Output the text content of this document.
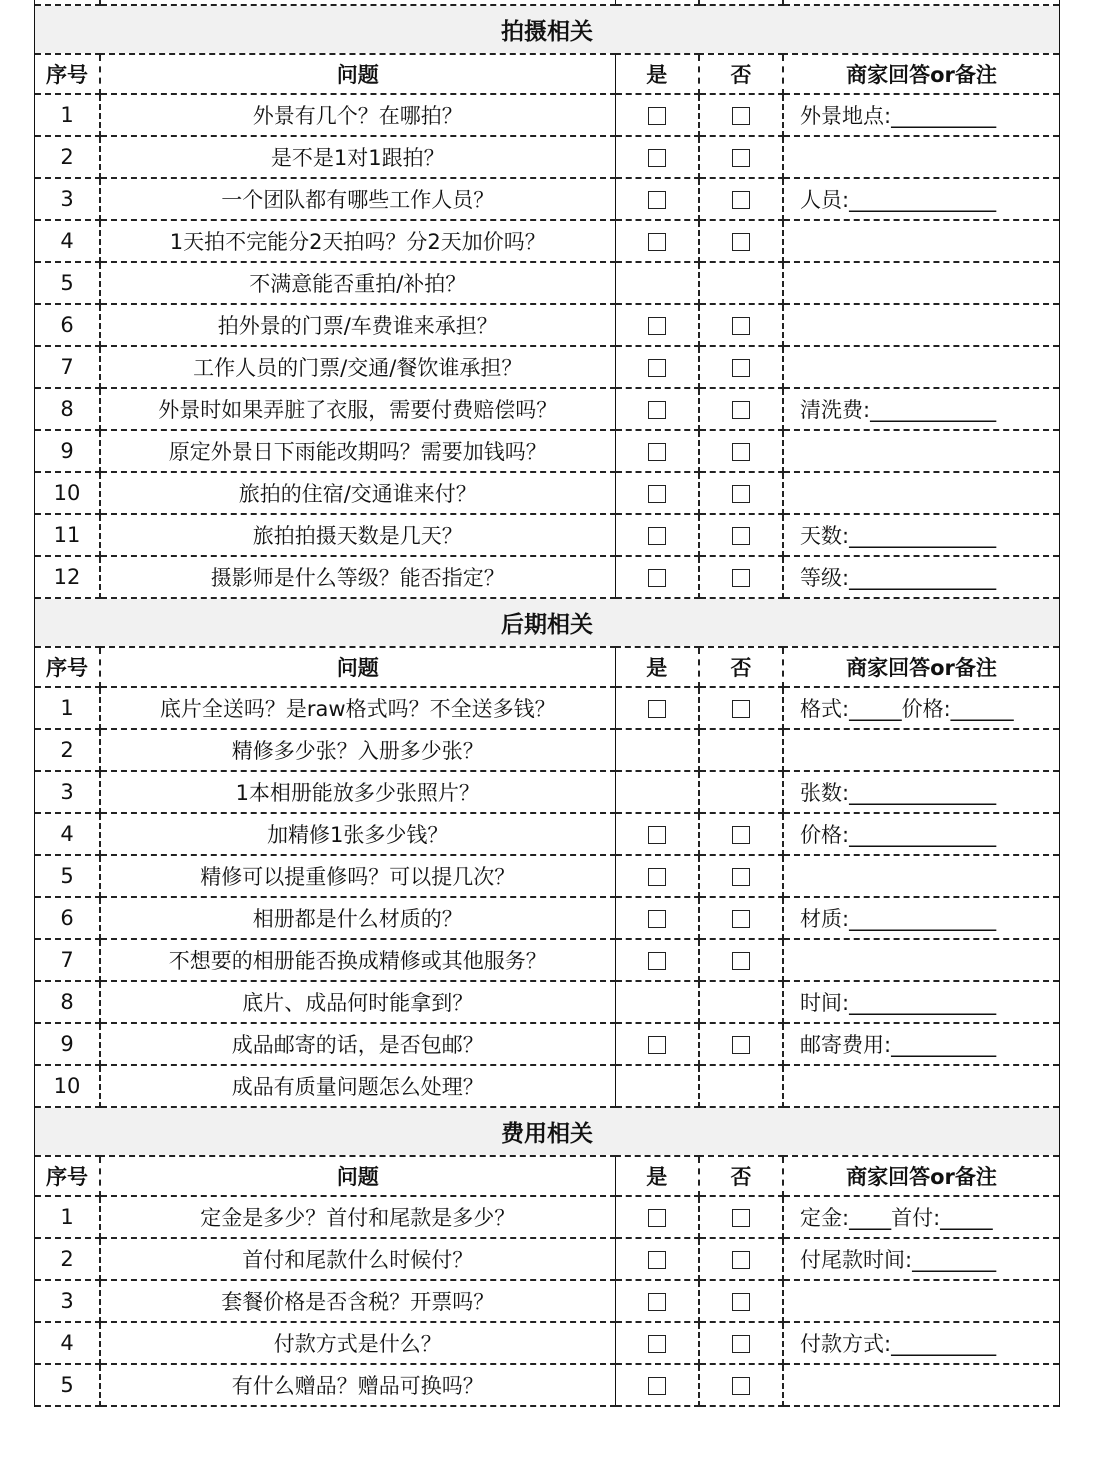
拍摄相关				
序号	问题	是	否	商家回答or备注
1	外景有几个？在哪拍？			外景地点:__________
2	是不是1对1跟拍？			
3	一个团队都有哪些工作人员？			人员:______________
4	1天拍不完能分2天拍吗？分2天加价吗？			
5	不满意能否重拍/补拍？			
6	拍外景的门票/车费谁来承担？			
7	工作人员的门票/交通/餐饮谁承担？			
8	外景时如果弄脏了衣服，需要付费赔偿吗？			清洗费:____________
9	原定外景日下雨能改期吗？需要加钱吗？			
10	旅拍的住宿/交通谁来付？			
11	旅拍拍摄天数是几天？			天数:______________
12	摄影师是什么等级？能否指定？			等级:______________
后期相关				
序号	问题	是	否	商家回答or备注
1	底片全送吗？是raw格式吗？不全送多钱？			格式:_____价格:______
2	精修多少张？入册多少张？			
3	1本相册能放多少张照片？			张数:______________
4	加精修1张多少钱？			价格:______________
5	精修可以提重修吗？可以提几次？			
6	相册都是什么材质的？			材质:______________
7	不想要的相册能否换成精修或其他服务？			
8	底片、成品何时能拿到？			时间:______________
9	成品邮寄的话，是否包邮？			邮寄费用:__________
10	成品有质量问题怎么处理？			
费用相关				
序号	问题	是	否	商家回答or备注
1	定金是多少？首付和尾款是多少？			定金:____首付:_____
2	首付和尾款什么时候付？			付尾款时间:________
3	套餐价格是否含税？开票吗？			
4	付款方式是什么？			付款方式:__________
5	有什么赠品？赠品可换吗？			
